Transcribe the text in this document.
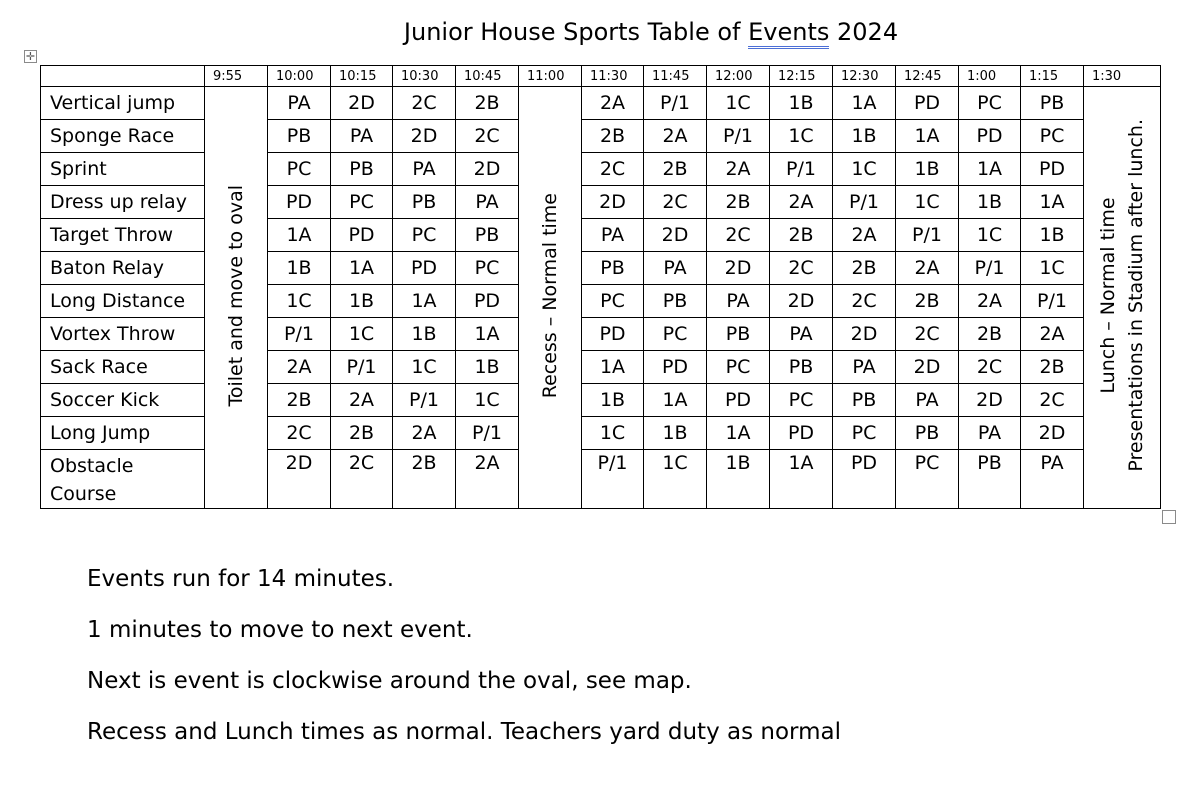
Junior House Sports Table of Events 2024
✛
	9:55	10:00	10:15	10:30	10:45	11:00	11:30	11:45	12:00	12:15	12:30	12:45	1:00	1:15	1:30
Vertical jump	Toilet and move to oval	PA	2D	2C	2B	Recess – Normal time	2A	P/1	1C	1B	1A	PD	PC	PB	Lunch – Normal time Presentations in Stadium after lunch.

Sponge Race		PB	PA	2D	2C		2B	2A	P/1	1C	1B	1A	PD	PC	
Sprint		PC	PB	PA	2D		2C	2B	2A	P/1	1C	1B	1A	PD	
Dress up relay		PD	PC	PB	PA		2D	2C	2B	2A	P/1	1C	1B	1A	
Target Throw		1A	PD	PC	PB		PA	2D	2C	2B	2A	P/1	1C	1B	
Baton Relay		1B	1A	PD	PC		PB	PA	2D	2C	2B	2A	P/1	1C	
Long Distance		1C	1B	1A	PD		PC	PB	PA	2D	2C	2B	2A	P/1	
Vortex Throw		P/1	1C	1B	1A		PD	PC	PB	PA	2D	2C	2B	2A	
Sack Race		2A	P/1	1C	1B		1A	PD	PC	PB	PA	2D	2C	2B	
Soccer Kick		2B	2A	P/1	1C		1B	1A	PD	PC	PB	PA	2D	2C	
Long Jump		2C	2B	2A	P/1		1C	1B	1A	PD	PC	PB	PA	2D	
Obstacle Course		2D	2C	2B	2A		P/1	1C	1B	1A	PD	PC	PB	PA	

Events run for 14 minutes.

1 minutes to move to next event.

Next is event is clockwise around the oval, see map.

Recess and Lunch times as normal. Teachers yard duty as normal
